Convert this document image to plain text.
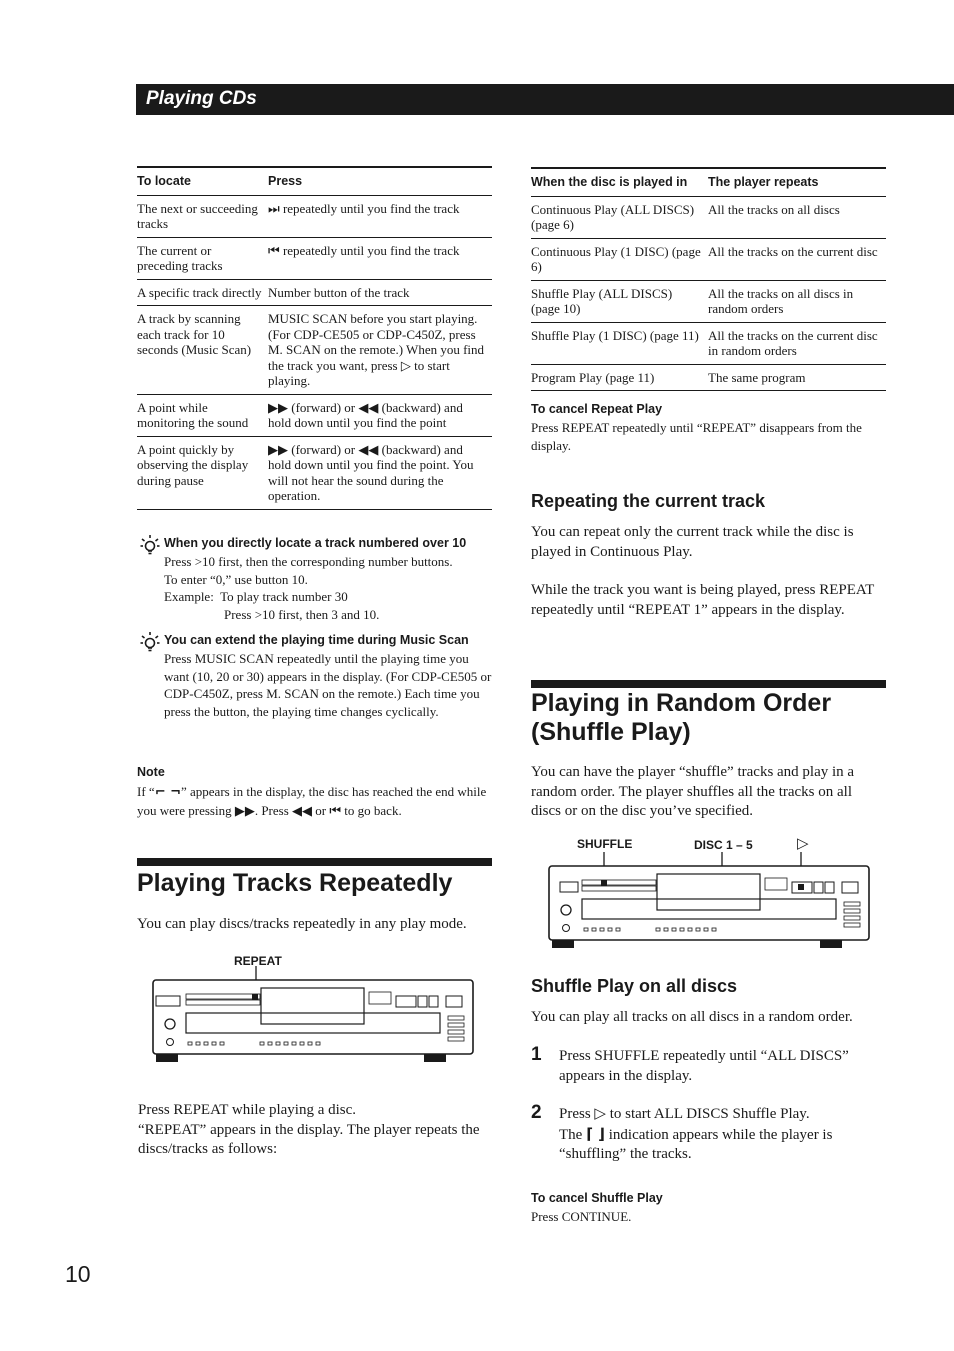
Playing CDs
To locate	Press
The next or succeeding tracks	⏭ repeatedly until you find the track
The current or preceding tracks	⏮ repeatedly until you find the track
A specific track directly	Number button of the track
A track by scanning each track for 10 seconds (Music Scan)	MUSIC SCAN before you start playing. (For CDP-CE505 or CDP-C450Z, press M. SCAN on the remote.) When you find the track you want, press ▷ to start playing.
A point while monitoring the sound	▶▶ (forward) or ◀◀ (backward) and hold down until you find the point
A point quickly by observing the display during pause	▶▶ (forward) or ◀◀ (backward) and hold down until you find the point. You will not hear the sound during the operation.
When you directly locate a track numbered over 10
Press >10 first, then the corresponding number buttons.
To enter “0,” use button 10.
Example:  To play track number 30
Press >10 first, then 3 and 10.
You can extend the playing time during Music Scan
Press MUSIC SCAN repeatedly until the playing time you want (10, 20 or 30) appears in the display. (For CDP-CE505 or CDP-C450Z, press M. SCAN on the remote.) Each time you press the button, the playing time changes cyclically.
Note
If “⌐ ¬” appears in the display, the disc has reached the end while you were pressing ▶▶. Press ◀◀ or ⏮ to go back.
Playing Tracks Repeatedly
You can play discs/tracks repeatedly in any play mode.
REPEAT
Press REPEAT while playing a disc.
“REPEAT” appears in the display. The player repeats the discs/tracks as follows:
When the disc is played in	The player repeats
Continuous Play (ALL DISCS) (page 6)	All the tracks on all discs
Continuous Play (1 DISC) (page 6)	All the tracks on the current disc
Shuffle Play (ALL DISCS) (page 10)	All the tracks on all discs in random orders
Shuffle Play (1 DISC) (page 11)	All the tracks on the current disc in random orders
Program Play (page 11)	The same program
To cancel Repeat Play
Press REPEAT repeatedly until “REPEAT” disappears from the display.
Repeating the current track
You can repeat only the current track while the disc is played in Continuous Play.
While the track you want is being played, press REPEAT repeatedly until “REPEAT 1” appears in the display.
Playing in Random Order
(Shuffle Play)
You can have the player “shuffle” tracks and play in a random order. The player shuffles all the tracks on all discs or on the disc you’ve specified.
SHUFFLE	DISC 1 – 5	▷
Shuffle Play on all discs
You can play all tracks on all discs in a random order.
1 Press SHUFFLE repeatedly until “ALL DISCS” appears in the display.
2 Press ▷ to start ALL DISCS Shuffle Play.
The ⌈ ⌋ indication appears while the player is “shuffling” the tracks.
To cancel Shuffle Play
Press CONTINUE.
10
